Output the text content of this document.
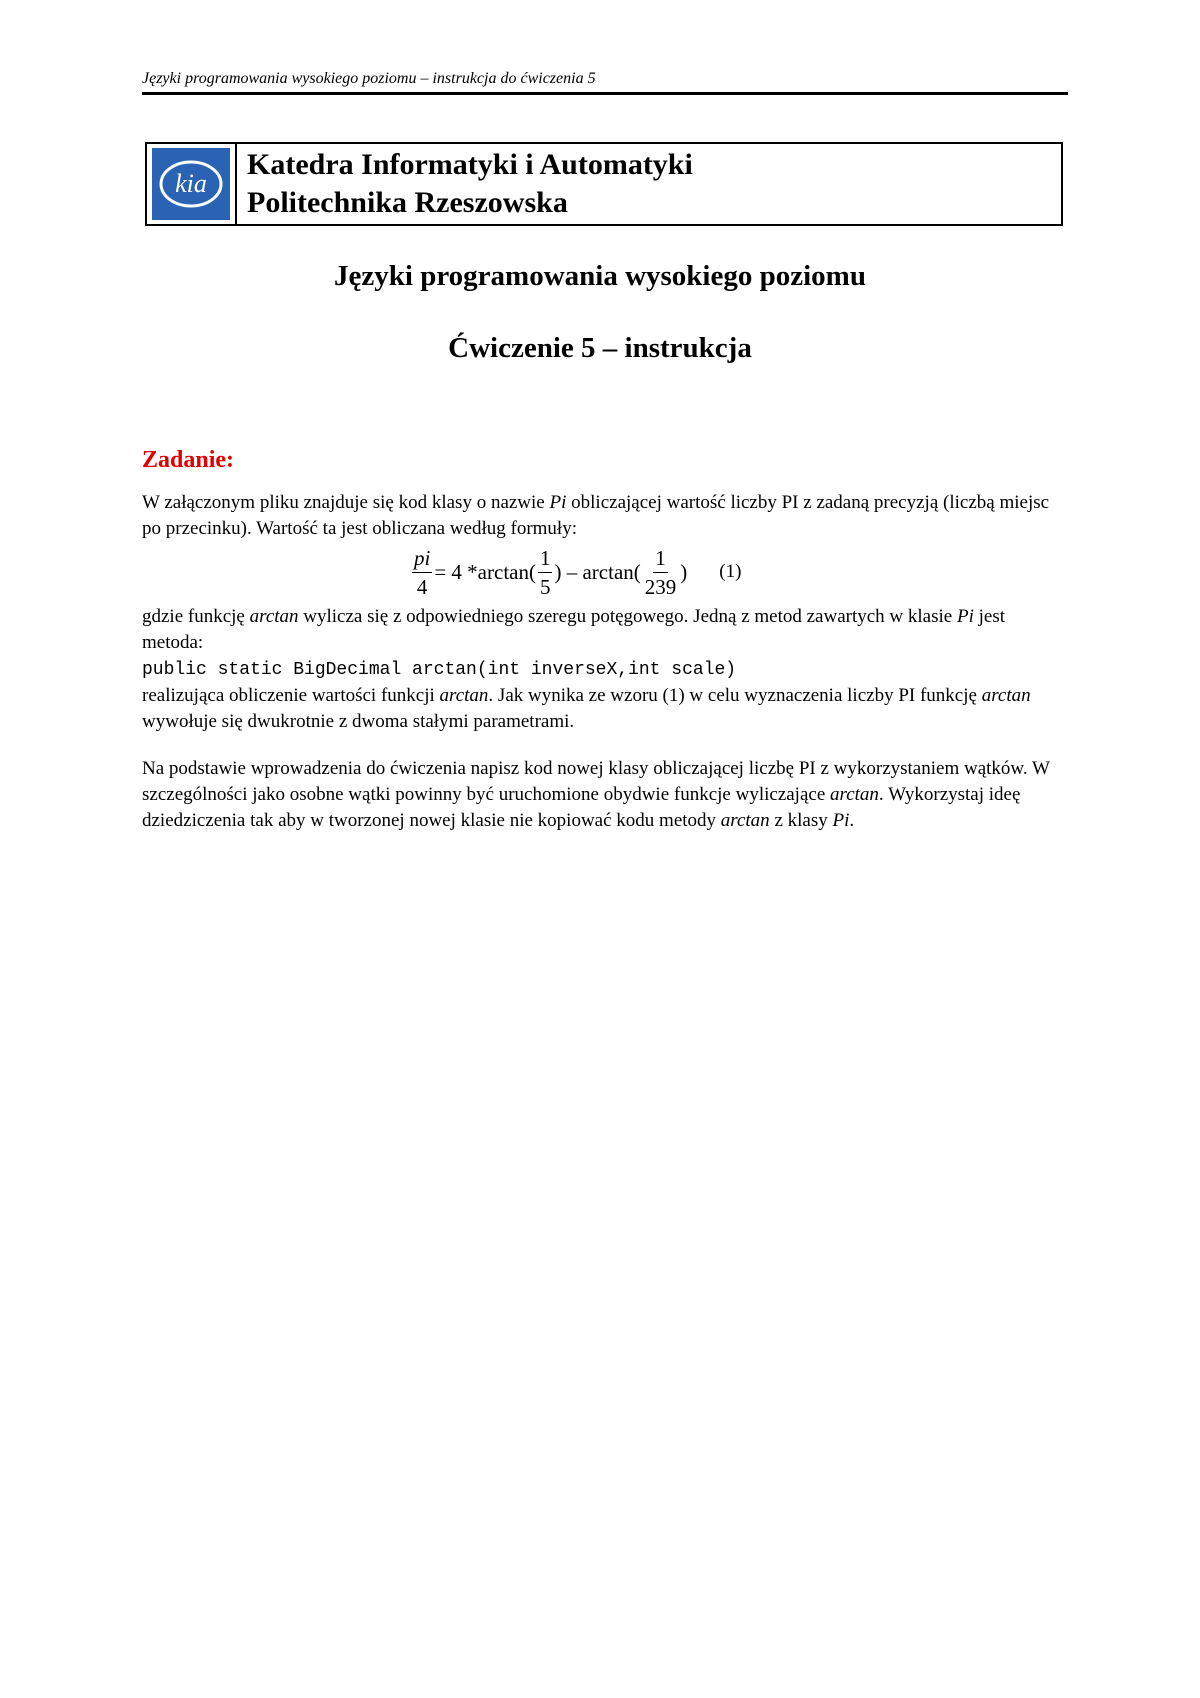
Języki programowania wysokiego poziomu – instrukcja do ćwiczenia 5
kia
Katedra Informatyki i Automatyki
Politechnika Rzeszowska
Języki programowania wysokiego poziomu
Ćwiczenie 5 – instrukcja
Zadanie:

W załączonym pliku znajduje się kod klasy o nazwie Pi obliczającej wartość liczby PI z zadaną precyzją (liczbą miejsc po przecinku). Wartość ta jest obliczana według formuły:

$\frac{pi}{4} = 4$ $*\arctan( \frac{1}{5}$ ) – $\arctan( \frac{1}{239}$ ) (1)

gdzie funkcję arctan wylicza się z odpowiedniego szeregu potęgowego. Jedną z metod zawartych w klasie Pi jest metoda:
public static BigDecimal arctan(int inverseX,int scale)
realizująca obliczenie wartości funkcji arctan. Jak wynika ze wzoru (1) w celu wyznaczenia liczby PI funkcję arctan wywołuje się dwukrotnie z dwoma stałymi parametrami.

Na podstawie wprowadzenia do ćwiczenia napisz kod nowej klasy obliczającej liczbę PI z wykorzystaniem wątków. W szczególności jako osobne wątki powinny być uruchomione obydwie funkcje wyliczające arctan. Wykorzystaj ideę dziedziczenia tak aby w tworzonej nowej klasie nie kopiować kodu metody arctan z klasy Pi.
